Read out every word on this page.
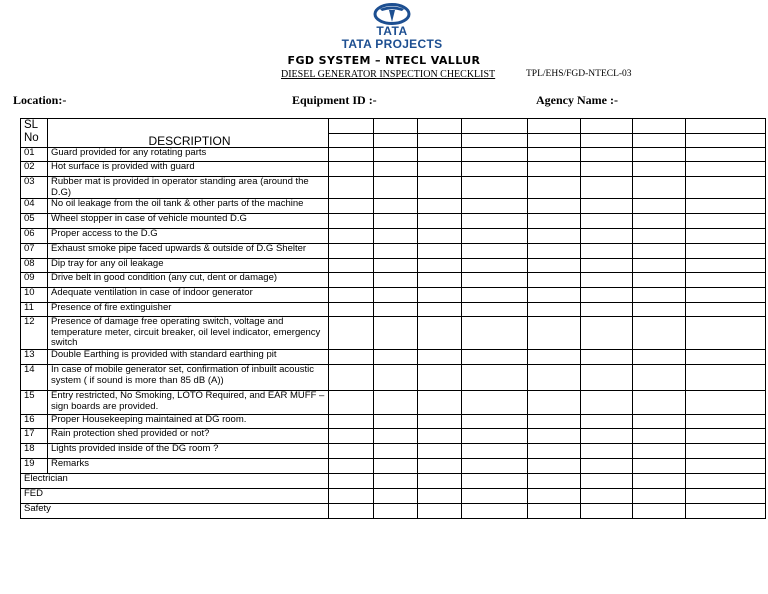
TATA
TATA PROJECTS
FGD SYSTEM – NTECL VALLUR
DIESEL GENERATOR INSPECTION CHECKLIST	TPL/EHS/FGD-NTECL-03
Location:-	Equipment ID :-	Agency Name :-
SL No	DESCRIPTION								

01	Guard provided for any rotating parts								
02	Hot surface is provided with guard								
03	Rubber mat is provided in operator standing area (around the D.G)								
04	No oil leakage from the oil tank & other parts of the machine								
05	Wheel stopper in case of vehicle mounted D.G								
06	Proper access to the D.G								
07	Exhaust smoke pipe faced upwards & outside of D.G Shelter								
08	Dip tray for any oil leakage								
09	Drive belt in good condition (any cut, dent or damage)								
10	Adequate ventilation in case of indoor generator								
11	Presence of fire extinguisher								
12	Presence of damage free operating switch, voltage and temperature meter, circuit breaker, oil level indicator, emergency switch								
13	Double Earthing is provided with standard earthing pit								
14	In case of mobile generator set, confirmation of inbuilt acoustic system ( if sound is more than 85 dB (A))								
15	Entry restricted, No Smoking, LOTO Required, and EAR MUFF – sign boards are provided.								
16	Proper Housekeeping maintained at DG room.								
17	Rain protection shed provided or not?								
18	Lights provided inside of the DG room ?								
19	Remarks								
Electrician									
FED									
Safety									
